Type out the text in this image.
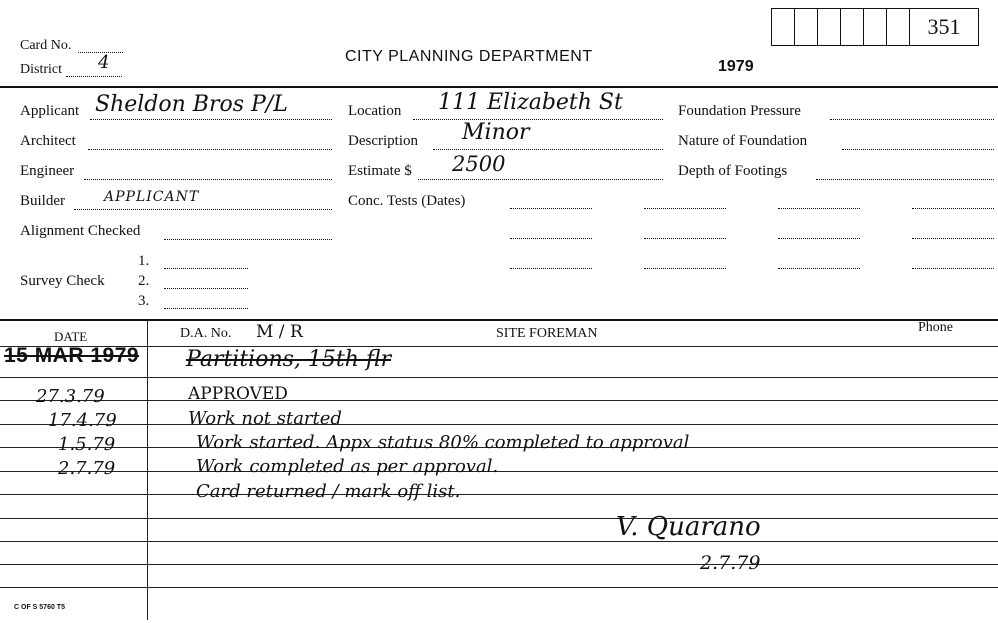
Card No.
District 4	CITY PLANNING DEPARTMENT
1979
351
Applicant Sheldon Bros P/L
Architect
Engineer
Builder	APPLICANT
Alignment Checked
Survey Check
1.
2.
3.
Location 111 Elizabeth St
Description Minor
Estimate $ 2500
Conc. Tests (Dates)
Foundation Pressure
Nature of Foundation
Depth of Footings
DATE	D.A. No. M / R	SITE FOREMAN	Phone
15 MAR 1979 Partitions, 15th flr
27.3.79	APPROVED
17.4.79	Work not started
1.5.79	Work started. Appx status 80% completed to approval
2.7.79	Work completed as per approval.
Card returned / mark off list.
V. Quarano
2.7.79
C OF S 5760 T5
